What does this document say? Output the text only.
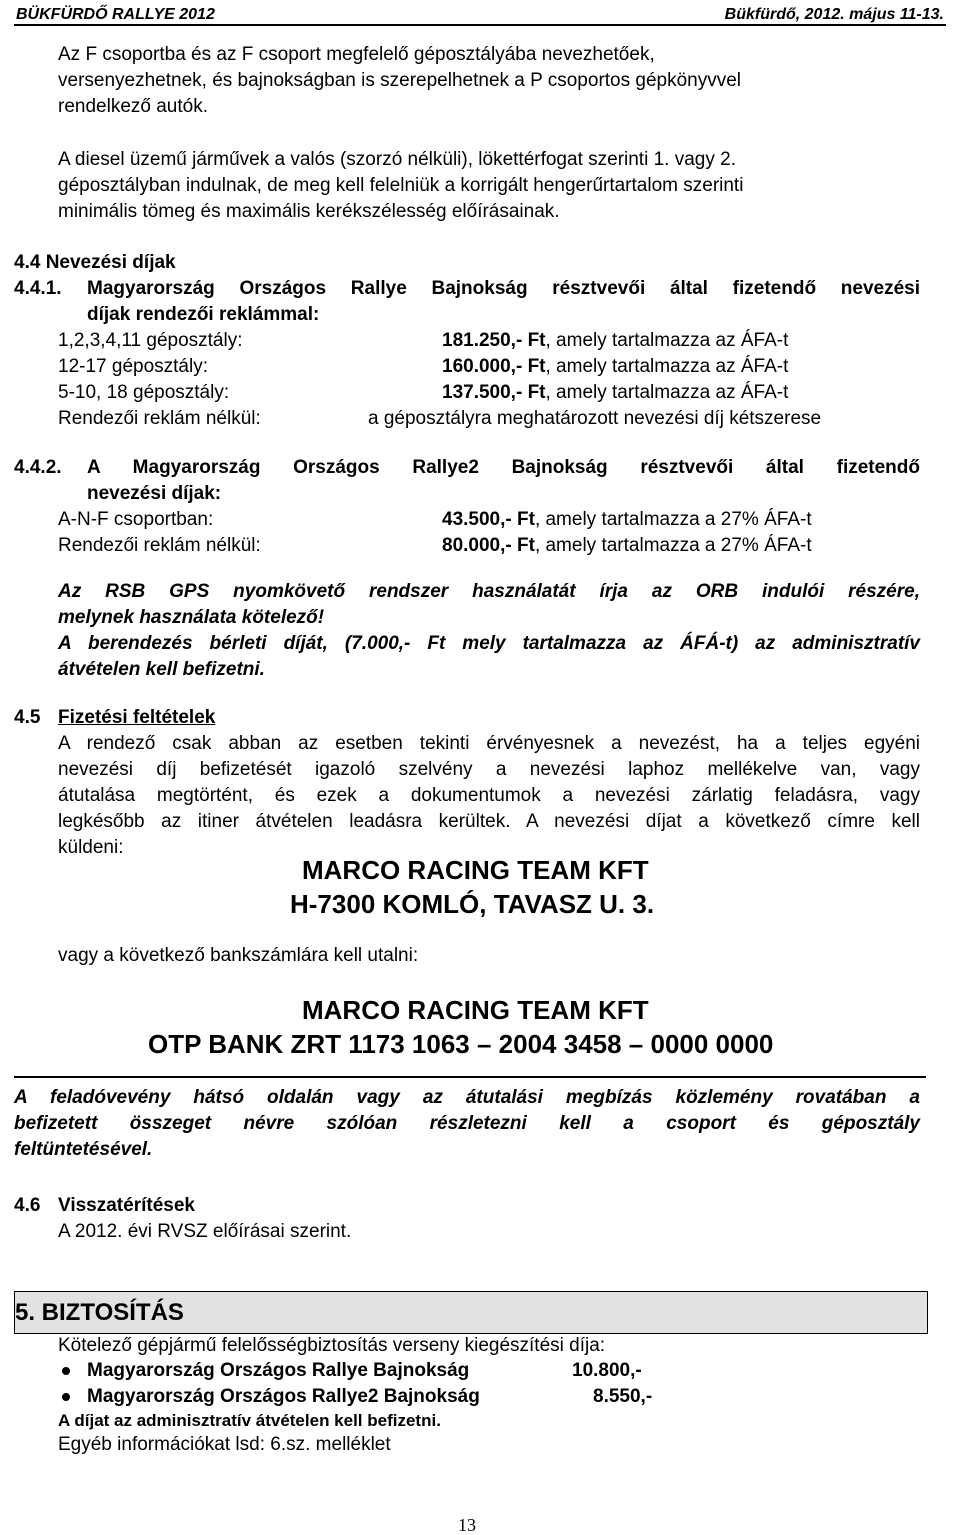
BÜKFÜRDŐ RALLYE 2012	Bükfürdő, 2012. május 11-13.
Az F csoportba és az F csoport megfelelő géposztályába nevezhetőek,
versenyezhetnek, és bajnokságban is szerepelhetnek a P csoportos gépkönyvvel
rendelkező autók.
A diesel üzemű járművek a valós (szorzó nélküli), lökettérfogat szerinti 1. vagy 2.
géposztályban indulnak, de meg kell felelniük a korrigált hengerűrtartalom szerinti
minimális tömeg és maximális kerékszélesség előírásainak.
4.4 Nevezési díjak
4.4.1. Magyarország Országos Rallye Bajnokság résztvevői által fizetendő nevezési
díjak rendezői reklámmal:
1,2,3,4,11 géposztály:	181.250,- Ft, amely tartalmazza az ÁFA-t
12-17 géposztály:	160.000,- Ft, amely tartalmazza az ÁFA-t
5-10, 18 géposztály:	137.500,- Ft, amely tartalmazza az ÁFA-t
Rendezői reklám nélkül:	a géposztályra meghatározott nevezési díj kétszerese
4.4.2. A Magyarország Országos Rallye2 Bajnokság résztvevői által fizetendő
nevezési díjak:
A-N-F csoportban:	43.500,- Ft, amely tartalmazza a 27% ÁFA-t
Rendezői reklám nélkül:	80.000,- Ft, amely tartalmazza a 27% ÁFA-t
Az RSB GPS nyomkövető rendszer használatát írja az ORB indulói részére,
melynek használata kötelező!
A berendezés bérleti díját, (7.000,- Ft mely tartalmazza az ÁFÁ-t) az adminisztratív
átvételen kell befizetni.
4.5 Fizetési feltételek
A rendező csak abban az esetben tekinti érvényesnek a nevezést, ha a teljes egyéni
nevezési díj befizetését igazoló szelvény a nevezési laphoz mellékelve van, vagy
átutalása megtörtént, és ezek a dokumentumok a nevezési zárlatig feladásra, vagy
legkésőbb az itiner átvételen leadásra kerültek. A nevezési díjat a következő címre kell
küldeni:
MARCO RACING TEAM KFT
H-7300 KOMLÓ, TAVASZ U. 3.
vagy a következő bankszámlára kell utalni:
MARCO RACING TEAM KFT
OTP BANK ZRT 1173 1063 – 2004 3458 – 0000 0000
A feladóvevény hátsó oldalán vagy az átutalási megbízás közlemény rovatában a
befizetett összeget névre szólóan részletezni kell a csoport és géposztály
feltüntetésével.
4.6 Visszatérítések
A 2012. évi RVSZ előírásai szerint.
5. BIZTOSÍTÁS
Kötelező gépjármű felelősségbiztosítás verseny kiegészítési díja:
Magyarország Országos Rallye Bajnokság	10.800,-
Magyarország Országos Rallye2 Bajnokság	8.550,-
A díjat az adminisztratív átvételen kell befizetni.
Egyéb információkat lsd: 6.sz. melléklet
13
